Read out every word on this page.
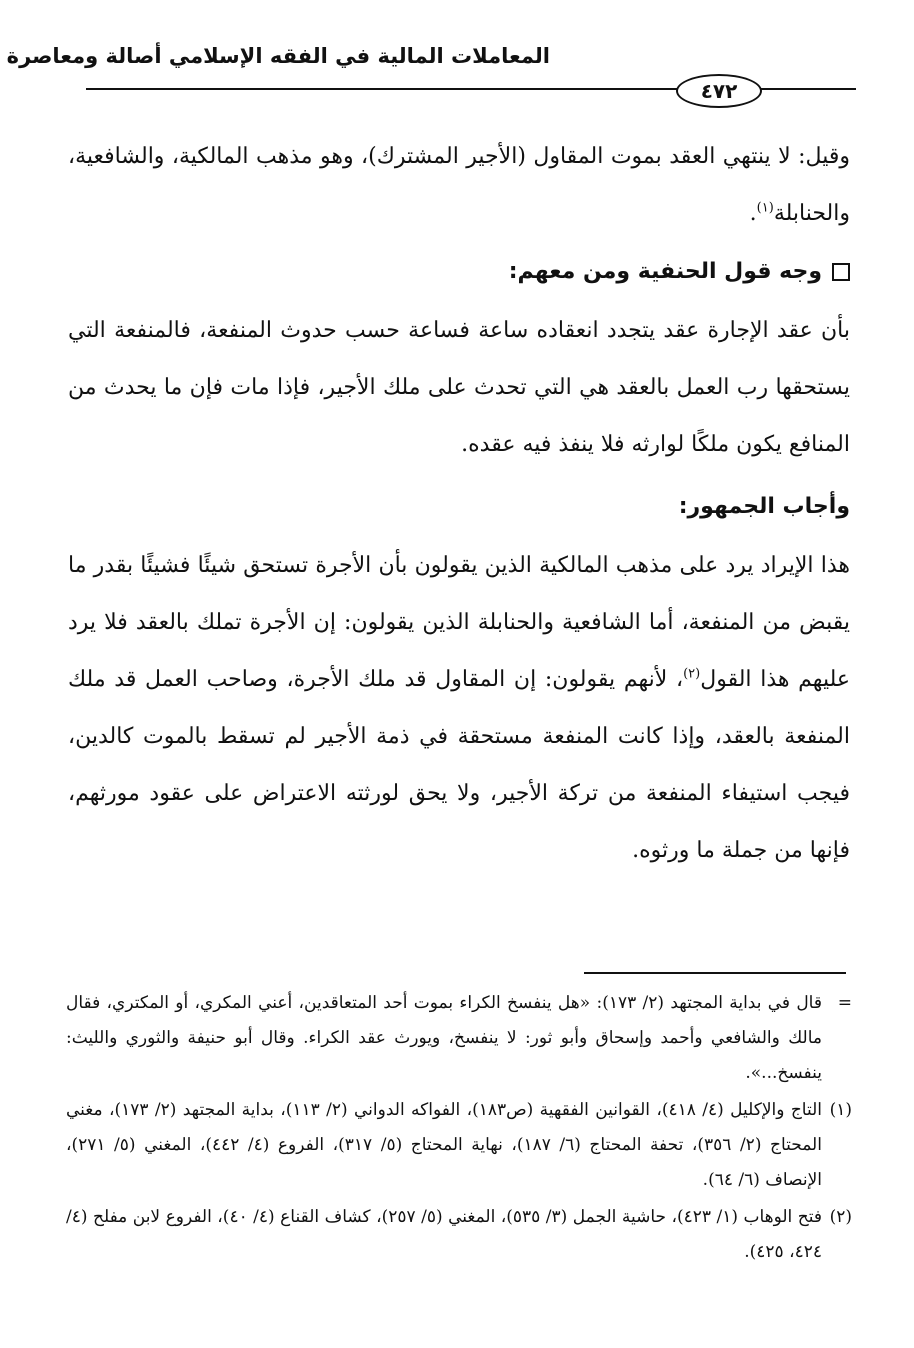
المعاملات المالية في الفقه الإسلامي أصالة ومعاصرة
٤٧٢

وقيل: لا ينتهي العقد بموت المقاول (الأجير المشترك)، وهو مذهب المالكية، والشافعية، والحنابلة$^{(١)}$.

وجه قول الحنفية ومن معهم:

بأن عقد الإجارة عقد يتجدد انعقاده ساعة فساعة حسب حدوث المنفعة، فالمنفعة التي يستحقها رب العمل بالعقد هي التي تحدث على ملك الأجير، فإذا مات فإن ما يحدث من المنافع يكون ملكًا لوارثه فلا ينفذ فيه عقده.

وأجاب الجمهور:

هذا الإيراد يرد على مذهب المالكية الذين يقولون بأن الأجرة تستحق شيئًا فشيئًا بقدر ما يقبض من المنفعة، أما الشافعية والحنابلة الذين يقولون: إن الأجرة تملك بالعقد فلا يرد عليهم هذا القول$^{(٢)}$، لأنهم يقولون: إن المقاول قد ملك الأجرة، وصاحب العمل قد ملك المنفعة بالعقد، وإذا كانت المنفعة مستحقة في ذمة الأجير لم تسقط بالموت كالدين، فيجب استيفاء المنفعة من تركة الأجير، ولا يحق لورثته الاعتراض على عقود مورثهم، فإنها من جملة ما ورثوه.

=
قال في بداية المجتهد (٢/ ١٧٣): «هل ينفسخ الكراء بموت أحد المتعاقدين، أعني المكري، أو المكتري، فقال مالك والشافعي وأحمد وإسحاق وأبو ثور: لا ينفسخ، ويورث عقد الكراء. وقال أبو حنيفة والثوري والليث: ينفسخ...».

(١)
التاج والإكليل (٤/ ٤١٨)، القوانين الفقهية (ص١٨٣)، الفواكه الدواني (٢/ ١١٣)، بداية المجتهد (٢/ ١٧٣)، مغني المحتاج (٢/ ٣٥٦)، تحفة المحتاج (٦/ ١٨٧)، نهاية المحتاج (٥/ ٣١٧)، الفروع (٤/ ٤٤٢)، المغني (٥/ ٢٧١)، الإنصاف (٦/ ٦٤).

(٢)
فتح الوهاب (١/ ٤٢٣)، حاشية الجمل (٣/ ٥٣٥)، المغني (٥/ ٢٥٧)، كشاف القناع (٤/ ٤٠)، الفروع لابن مفلح (٤/ ٤٢٤، ٤٢٥).
